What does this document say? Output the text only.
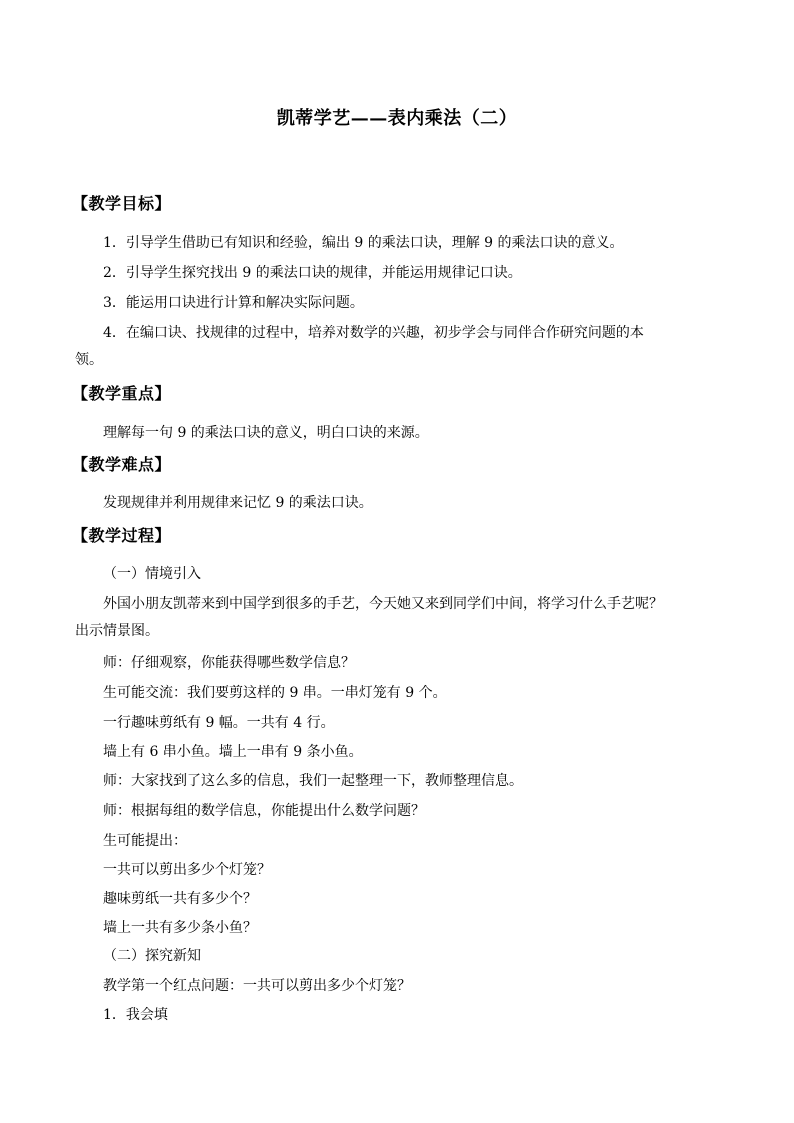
凯蒂学艺——表内乘法（二）
【教学目标】
1．引导学生借助已有知识和经验，编出 9 的乘法口诀，理解 9 的乘法口诀的意义。
2．引导学生探究找出 9 的乘法口诀的规律，并能运用规律记口诀。
3．能运用口诀进行计算和解决实际问题。
4．在编口诀、找规律的过程中，培养对数学的兴趣，初步学会与同伴合作研究问题的本
领。
【教学重点】
理解每一句 9 的乘法口诀的意义，明白口诀的来源。
【教学难点】
发现规律并利用规律来记忆 9 的乘法口诀。
【教学过程】
（一）情境引入
外国小朋友凯蒂来到中国学到很多的手艺，今天她又来到同学们中间，将学习什么手艺呢？
出示情景图。
师：仔细观察，你能获得哪些数学信息？
生可能交流：我们要剪这样的 9 串。一串灯笼有 9 个。
一行趣味剪纸有 9 幅。一共有 4 行。
墙上有 6 串小鱼。墙上一串有 9 条小鱼。
师：大家找到了这么多的信息，我们一起整理一下，教师整理信息。
师：根据每组的数学信息，你能提出什么数学问题？
生可能提出：
一共可以剪出多少个灯笼？
趣味剪纸一共有多少个？
墙上一共有多少条小鱼？
（二）探究新知
教学第一个红点问题：一共可以剪出多少个灯笼？
1．我会填
